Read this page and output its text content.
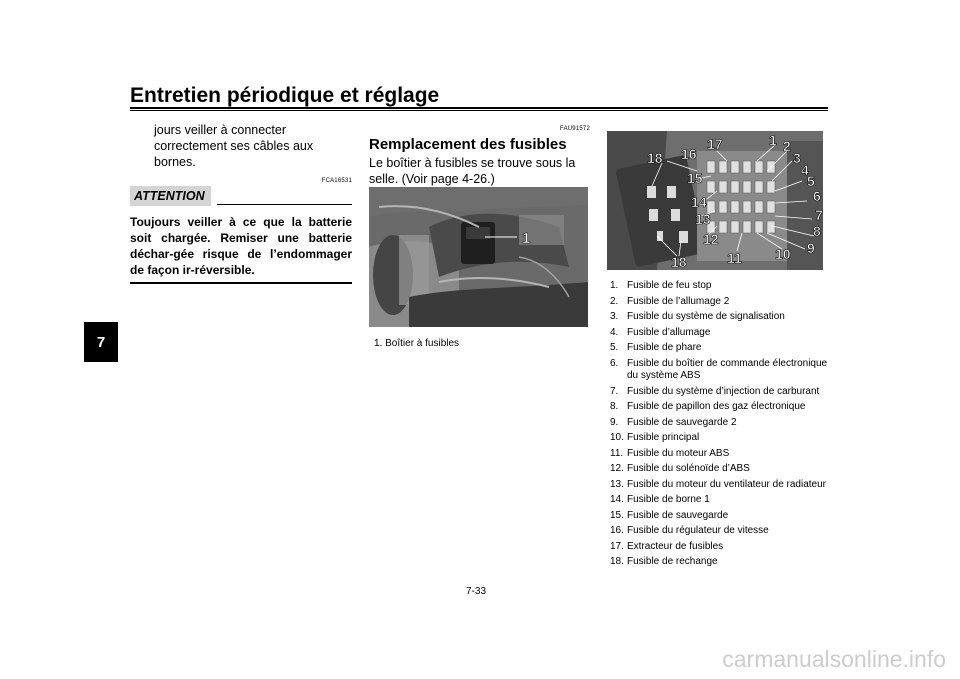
Entretien périodique et réglage
7

jours veiller à connecter correctement ses câbles aux bornes.

FCA16531
ATTENTION

Toujours veiller à ce que la batterie soit chargée. Remiser une batterie déchar-gée risque de l’endommager de façon ir-réversible.

FAU91572
Remplacement des fusibles

Le boîtier à fusibles se trouve sous la selle. (Voir page 4-26.)

1
1. Boîtier à fusibles
18 16
17	1 2
3
4
5
6
7
8
9
10
11
12
13
14
15
18
1. Fusible de feu stop
2. Fusible de l’allumage 2
3. Fusible du système de signalisation
4. Fusible d’allumage
5. Fusible de phare
6. Fusible du boîtier de commande électronique du système ABS
7. Fusible du système d’injection de carburant
8. Fusible de papillon des gaz électronique
9. Fusible de sauvegarde 2
10. Fusible principal
11. Fusible du moteur ABS
12. Fusible du solénoïde d’ABS
13. Fusible du moteur du ventilateur de radiateur
14. Fusible de borne 1
15. Fusible de sauvegarde
16. Fusible du régulateur de vitesse
17. Extracteur de fusibles
18. Fusible de rechange
7-33
carmanualsonline.info
